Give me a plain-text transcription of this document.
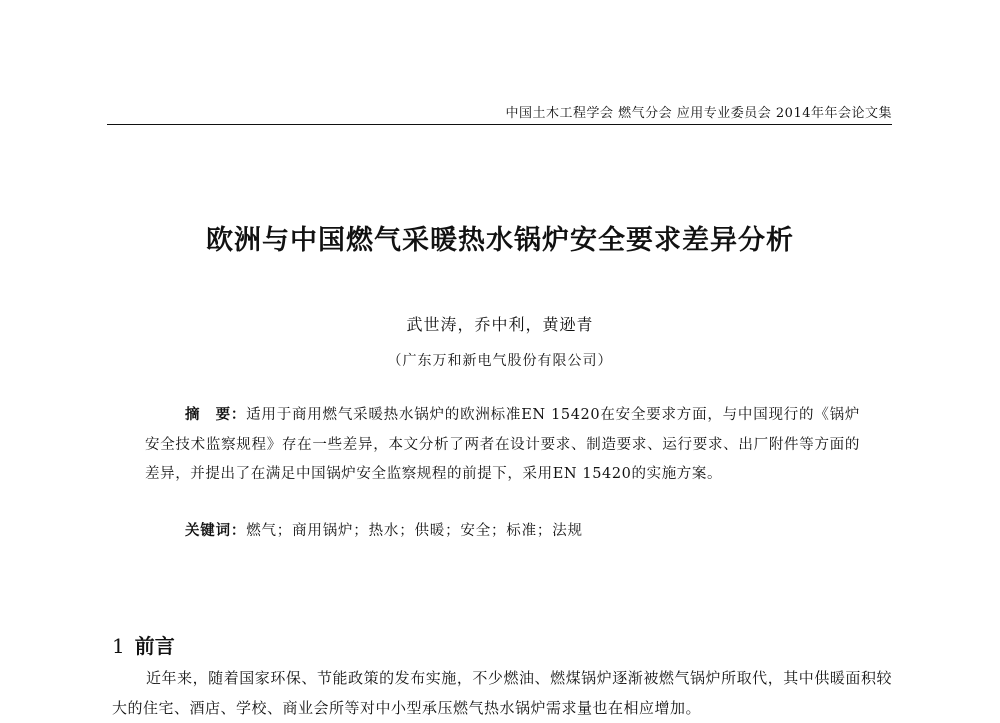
中国土木工程学会 燃气分会 应用专业委员会 2014年年会论文集
欧洲与中国燃气采暖热水锅炉安全要求差异分析
武世涛，乔中利，黄逊青
（广东万和新电气股份有限公司）

摘　要：适用于商用燃气采暖热水锅炉的欧洲标准EN 15420在安全要求方面，与中国现行的《锅炉安全技术监察规程》存在一些差异，本文分析了两者在设计要求、制造要求、运行要求、出厂附件等方面的差异，并提出了在满足中国锅炉安全监察规程的前提下，采用EN 15420的实施方案。

关键词：燃气；商用锅炉；热水；供暖；安全；标准；法规
1 前言

近年来，随着国家环保、节能政策的发布实施，不少燃油、燃煤锅炉逐渐被燃气锅炉所取代，其中供暖面积较大的住宅、酒店、学校、商业会所等对中小型承压燃气热水锅炉需求量也在相应增加。
